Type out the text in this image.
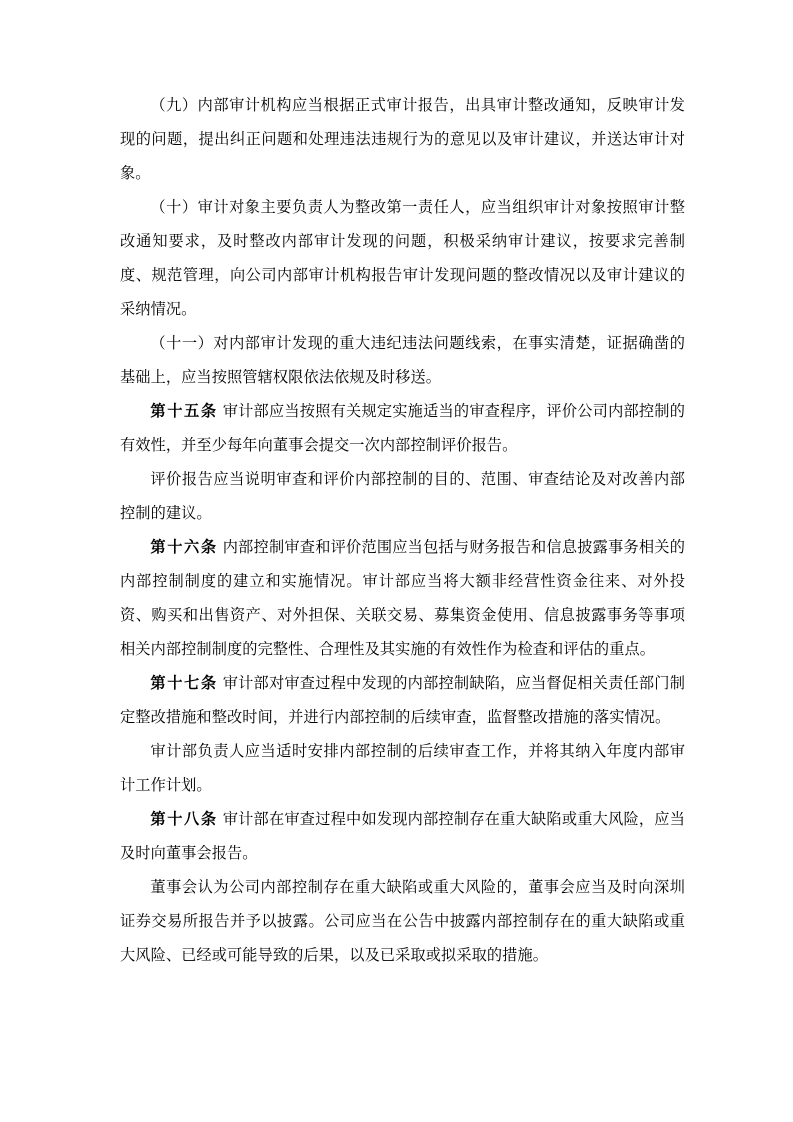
（九）内部审计机构应当根据正式审计报告，出具审计整改通知，反映审计发现的问题，提出纠正问题和处理违法违规行为的意见以及审计建议，并送达审计对象。

（十）审计对象主要负责人为整改第一责任人，应当组织审计对象按照审计整改通知要求，及时整改内部审计发现的问题，积极采纳审计建议，按要求完善制度、规范管理，向公司内部审计机构报告审计发现问题的整改情况以及审计建议的采纳情况。

（十一）对内部审计发现的重大违纪违法问题线索，在事实清楚，证据确凿的基础上，应当按照管辖权限依法依规及时移送。

第十五条 审计部应当按照有关规定实施适当的审查程序，评价公司内部控制的有效性，并至少每年向董事会提交一次内部控制评价报告。

评价报告应当说明审查和评价内部控制的目的、范围、审查结论及对改善内部控制的建议。

第十六条 内部控制审查和评价范围应当包括与财务报告和信息披露事务相关的内部控制制度的建立和实施情况。审计部应当将大额非经营性资金往来、对外投资、购买和出售资产、对外担保、关联交易、募集资金使用、信息披露事务等事项相关内部控制制度的完整性、合理性及其实施的有效性作为检查和评估的重点。

第十七条 审计部对审查过程中发现的内部控制缺陷，应当督促相关责任部门制定整改措施和整改时间，并进行内部控制的后续审查，监督整改措施的落实情况。

审计部负责人应当适时安排内部控制的后续审查工作，并将其纳入年度内部审计工作计划。

第十八条 审计部在审查过程中如发现内部控制存在重大缺陷或重大风险，应当及时向董事会报告。

董事会认为公司内部控制存在重大缺陷或重大风险的，董事会应当及时向深圳证券交易所报告并予以披露。公司应当在公告中披露内部控制存在的重大缺陷或重大风险、已经或可能导致的后果，以及已采取或拟采取的措施。
